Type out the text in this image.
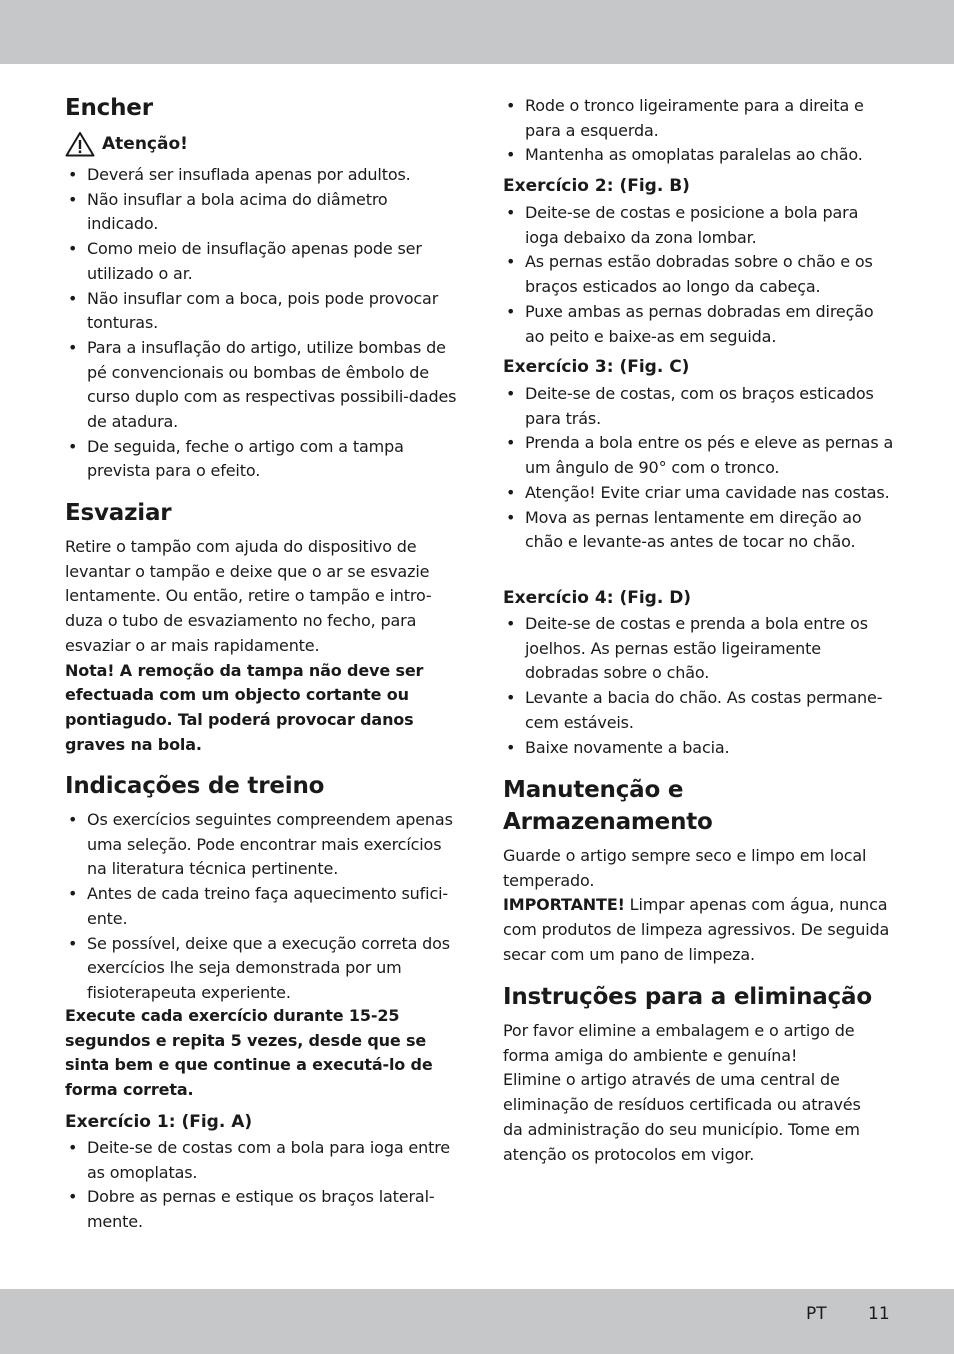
Encher
Atenção!
• Deverá ser insuflada apenas por adultos.
• Não insuflar a bola acima do diâmetro indicado.
• Como meio de insuflação apenas pode ser utilizado o ar.
• Não insuflar com a boca, pois pode provocar tonturas.
• Para a insuflação do artigo, utilize bombas de pé convencionais ou bombas de êmbolo de curso duplo com as respectivas possibili-dades de atadura.
• De seguida, feche o artigo com a tampa prevista para o efeito.
Esvaziar

Retire o tampão com ajuda do dispositivo de levantar o tampão e deixe que o ar se esvazie lentamente. Ou então, retire o tampão e intro-duza o tubo de esvaziamento no fecho, para esvaziar o ar mais rapidamente.

Nota! A remoção da tampa não deve ser efectuada com um objecto cortante ou pontiagudo. Tal poderá provocar danos graves na bola.

Indicações de treino
• Os exercícios seguintes compreendem apenas uma seleção. Pode encontrar mais exercícios na literatura técnica pertinente.
• Antes de cada treino faça aquecimento sufici-ente.
• Se possível, deixe que a execução correta dos exercícios lhe seja demonstrada por um fisioterapeuta experiente.

Execute cada exercício durante 15-25 segundos e repita 5 vezes, desde que se sinta bem e que continue a executá-lo de forma correta.

Exercício 1: (Fig. A)
• Deite-se de costas com a bola para ioga entre as omoplatas.
• Dobre as pernas e estique os braços lateral-mente.
• Rode o tronco ligeiramente para a direita e para a esquerda.
• Mantenha as omoplatas paralelas ao chão.
Exercício 2: (Fig. B)
• Deite-se de costas e posicione a bola para ioga debaixo da zona lombar.
• As pernas estão dobradas sobre o chão e os braços esticados ao longo da cabeça.
• Puxe ambas as pernas dobradas em direção ao peito e baixe-as em seguida.
Exercício 3: (Fig. C)
• Deite-se de costas, com os braços esticados para trás.
• Prenda a bola entre os pés e eleve as pernas a um ângulo de 90° com o tronco.
• Atenção! Evite criar uma cavidade nas costas.
• Mova as pernas lentamente em direção ao chão e levante-as antes de tocar no chão.
Exercício 4: (Fig. D)
• Deite-se de costas e prenda a bola entre os joelhos. As pernas estão ligeiramente dobradas sobre o chão.
• Levante a bacia do chão. As costas permane-cem estáveis.
• Baixe novamente a bacia.
Manutenção e Armazenamento

Guarde o artigo sempre seco e limpo em local temperado.

IMPORTANTE! Limpar apenas com água, nunca com produtos de limpeza agressivos. De seguida secar com um pano de limpeza.

Instruções para a eliminação

Por favor elimine a embalagem e o artigo de forma amiga do ambiente e genuína!

Elimine o artigo através de uma central de eliminação de resíduos certificada ou através da administração do seu município. Tome em atenção os protocolos em vigor.

PT 11
